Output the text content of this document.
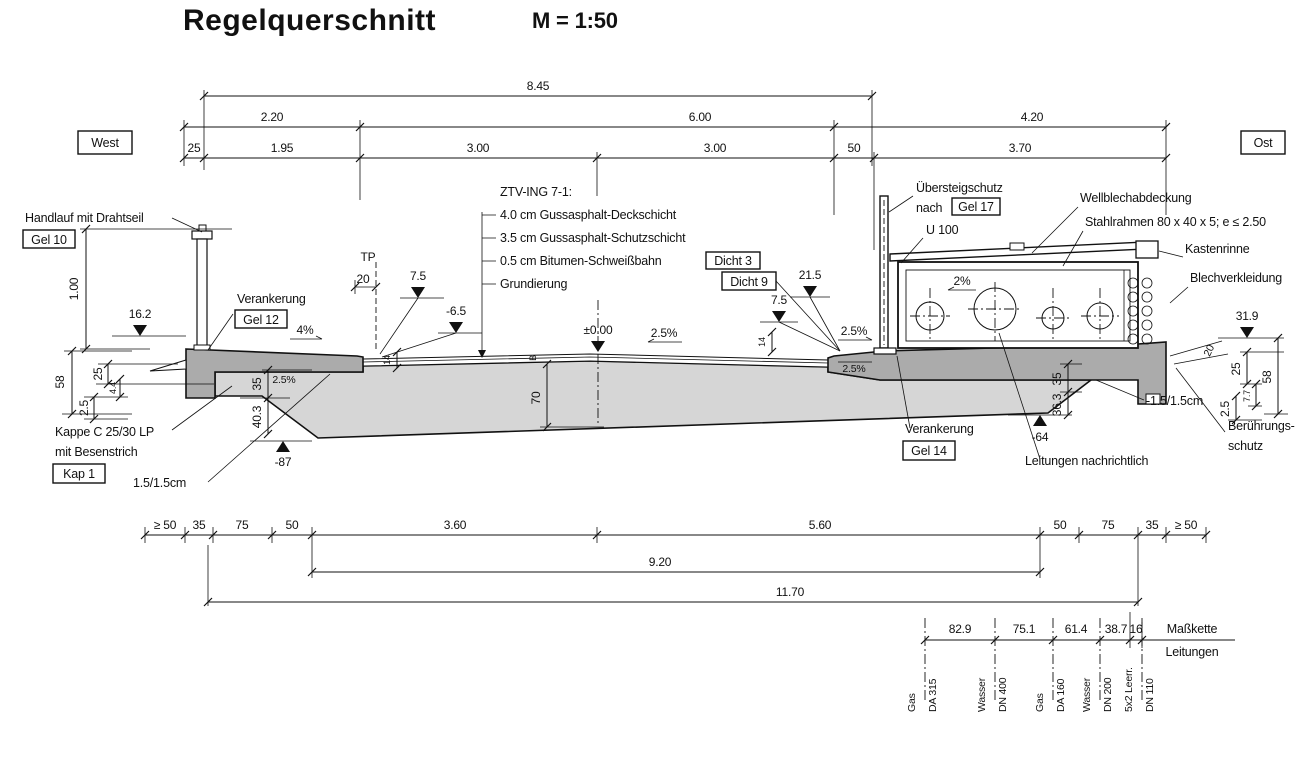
Regelquerschnitt	M = 1:50
West	Ost
8.45
2.20	6.00	4.20
25	1.95	3.00	3.00	50	3.70
≥ 50 35	75	50	3.60	5.60	50	75	35 ≥ 50
9.20
11.70
82.9	75.1 61.4 38.7 16 Maßkette
Leitungen
Gas DA 315	Wasser DN 400 Gas DA 160 Wasser DN 200 5x2 Leerr. DN 110
ZTV-ING 7-1:
4.0 cm Gussasphalt-Deckschicht
3.5 cm Gussasphalt-Schutzschicht
0.5 cm Bitumen-Schweißbahn	Dicht 3
Grundierung
Handlauf mit Drahtseil
Gel 10
Verankerung
Gel 12
1.00
16.2
58
25
4.4
2.5
Kappe C 25/30 LP
mit Besenstrich
Kap 1
1.5/1.5cm
35
40.3
-87
4%
2.5%
TP
20	7.5
-6.5
14
±0.00
B
70
2.5%	2.5%
2.5%
Dicht 9	21.5
7.5
14
Übersteigschutz
nach Gel 17
U 100
Wellblechabdeckung
Stahlrahmen 80 x 40 x 5; e ≤ 2.50
Kastenrinne
Blechverkleidung
2%
31.9
58
25
7.7
2.5
20
-1.5/1.5cm
Berührungs-
schutz
35
36.3
-64
Verankerung
Gel 14
Leitungen nachrichtlich
